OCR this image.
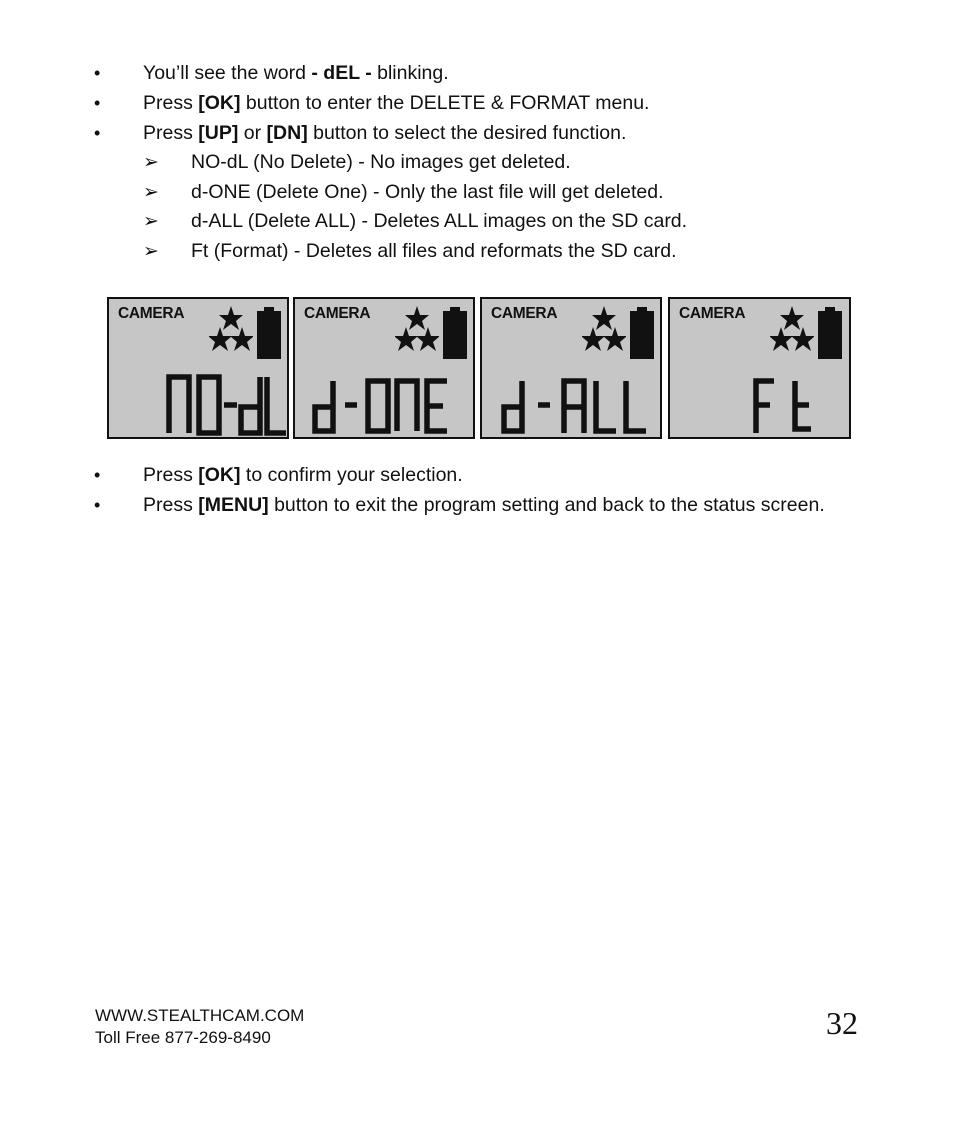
• You’ll see the word - dEL - blinking.
• Press [OK] button to enter the DELETE & FORMAT menu.
• Press [UP] or [DN] button to select the desired function.
➢ NO-dL (No Delete) - No images get deleted.
➢ d-ONE (Delete One) - Only the last file will get deleted.
➢ d-ALL (Delete ALL) - Deletes ALL images on the SD card.
➢ Ft (Format) - Deletes all files and reformats the SD card.
CAMERA	CAMERA	CAMERA	CAMERA
• Press [OK] to confirm your selection.
• Press [MENU] button to exit the program setting and back to the status screen.
WWW.STEALTHCAM.COM
Toll Free 877-269-8490	32
